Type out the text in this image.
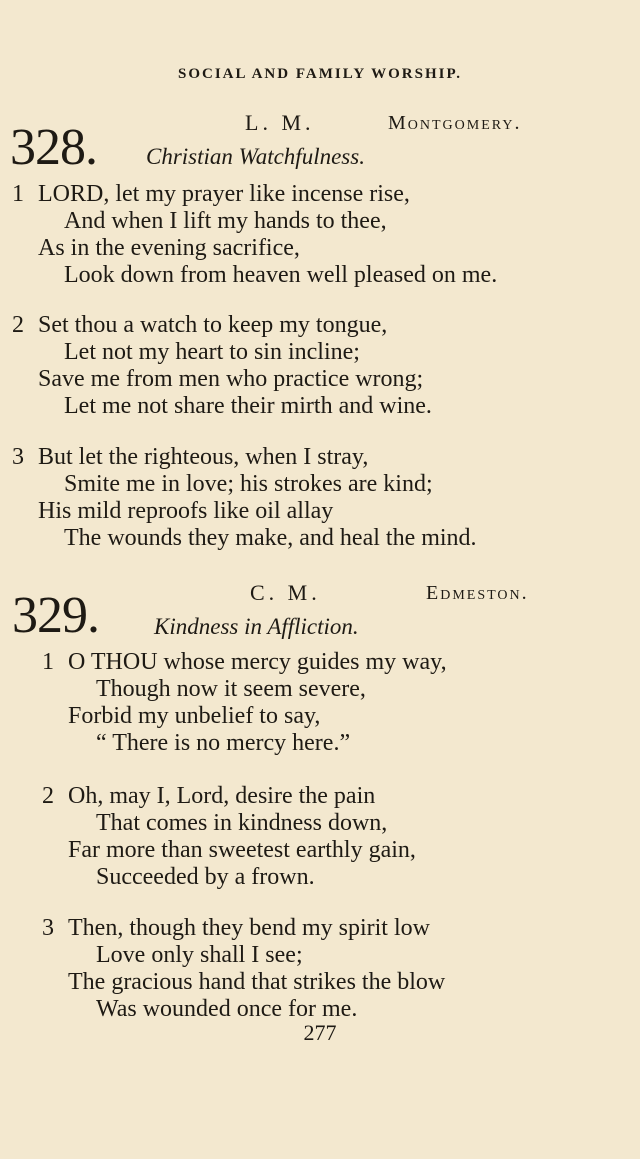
SOCIAL AND FAMILY WORSHIP.
328.	L. M.	Montgomery.
Christian Watchfulness.
1 LORD, let my prayer like incense rise,
And when I lift my hands to thee,
As in the evening sacrifice,
Look down from heaven well pleased on me.
2 Set thou a watch to keep my tongue,
Let not my heart to sin incline;
Save me from men who practice wrong;
Let me not share their mirth and wine.
3 But let the righteous, when I stray,
Smite me in love; his strokes are kind;
His mild reproofs like oil allay
The wounds they make, and heal the mind.
329.	C. M.	Edmeston.
Kindness in Affliction.
1 O THOU whose mercy guides my way,
Though now it seem severe,
Forbid my unbelief to say,
“ There is no mercy here.”
2 Oh, may I, Lord, desire the pain
That comes in kindness down,
Far more than sweetest earthly gain,
Succeeded by a frown.
3 Then, though they bend my spirit low
Love only shall I see;
The gracious hand that strikes the blow
Was wounded once for me.
277
